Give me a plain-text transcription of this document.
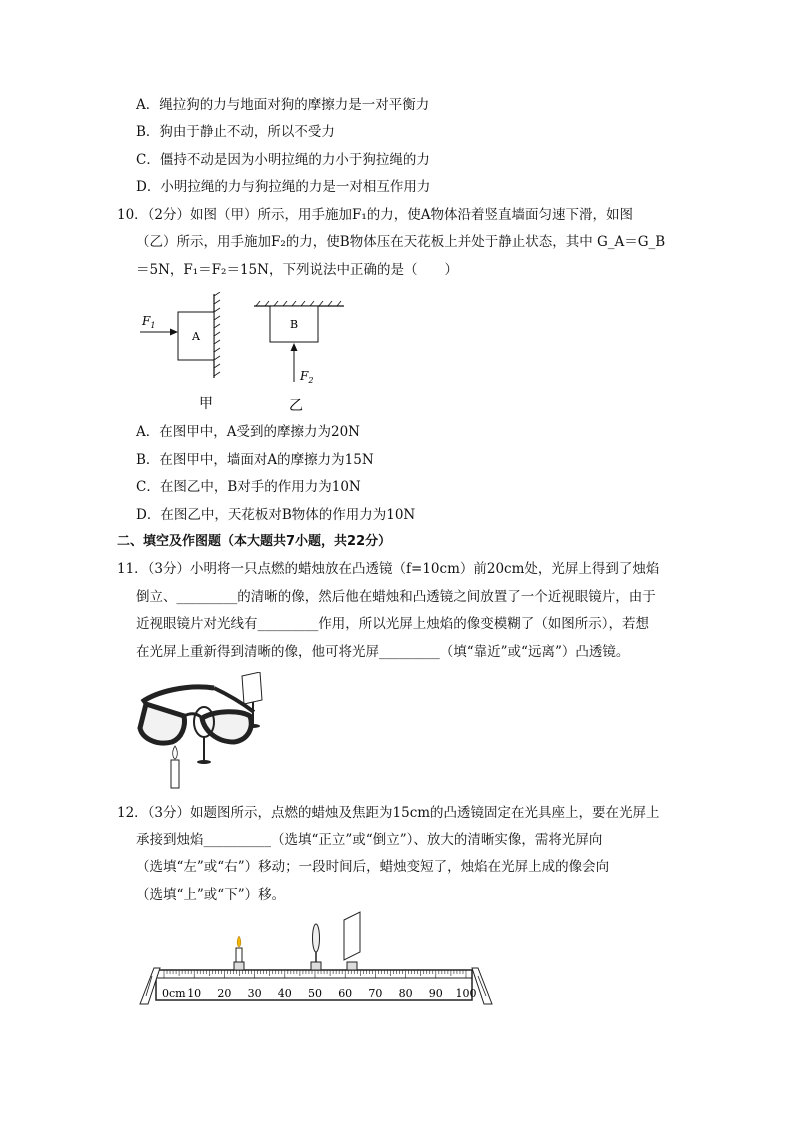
A．绳拉狗的力与地面对狗的摩擦力是一对平衡力
B．狗由于静止不动，所以不受力
C．僵持不动是因为小明拉绳的力小于狗拉绳的力
D．小明拉绳的力与狗拉绳的力是一对相互作用力
10．（2分）如图（甲）所示，用手施加F₁的力，使A物体沿着竖直墙面匀速下滑，如图
（乙）所示，用手施加F₂的力，使B物体压在天花板上并处于静止状态，其中 G_A＝G_B
＝5N，F₁＝F₂＝15N，下列说法中正确的是（　　）
A
$F_1$	B
$F_2$
甲	乙
A．在图甲中，A受到的摩擦力为20N
B．在图甲中，墙面对A的摩擦力为15N
C．在图乙中，B对手的作用力为10N
D．在图乙中，天花板对B物体的作用力为10N
二、填空及作图题（本大题共7小题，共22分）
11．（3分）小明将一只点燃的蜡烛放在凸透镜（f=10cm）前20cm处，光屏上得到了烛焰
倒立、_________的清晰的像，然后他在蜡烛和凸透镜之间放置了一个近视眼镜片，由于
近视眼镜片对光线有_________作用，所以光屏上烛焰的像变模糊了（如图所示），若想
在光屏上重新得到清晰的像，他可将光屏_________（填“靠近”或“远离”）凸透镜。
12．（3分）如题图所示，点燃的蜡烛及焦距为15cm的凸透镜固定在光具座上，要在光屏上
承接到烛焰__________（选填“正立”或“倒立”）、放大的清晰实像，需将光屏向
（选填“左”或“右”）移动；一段时间后，蜡烛变短了，烛焰在光屏上成的像会向
（选填“上”或“下”）移。
0cm 10 20 30 40 50 60 70 80 90 100
